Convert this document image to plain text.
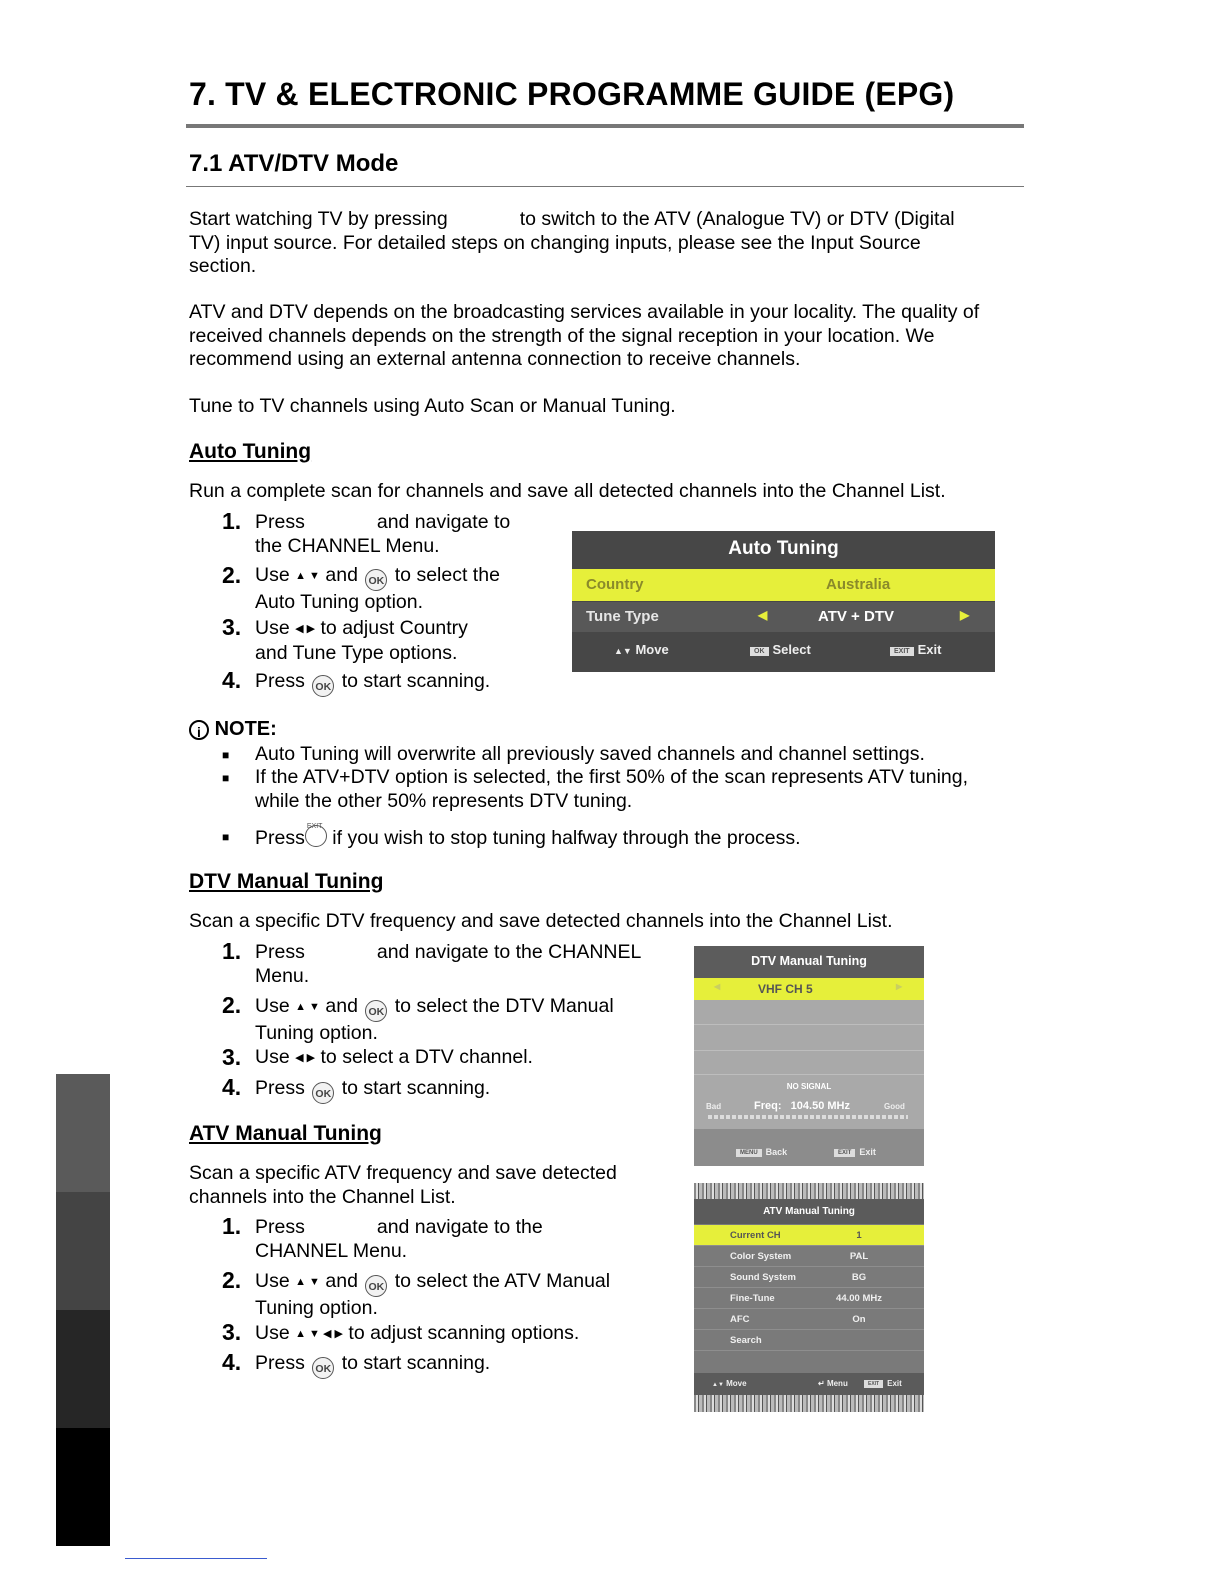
7. TV & ELECTRONIC PROGRAMME GUIDE (EPG)
7.1 ATV/DTV Mode
Start watching TV by pressing	to switch to the ATV (Analogue TV) or DTV (Digital
TV) input source. For detailed steps on changing inputs, please see the Input Source
section.
ATV and DTV depends on the broadcasting services available in your locality. The quality of
received channels depends on the strength of the signal reception in your location. We
recommend using an external antenna connection to receive channels.
Tune to TV channels using Auto Scan or Manual Tuning.
Auto Tuning
Run a complete scan for channels and save all detected channels into the Channel List.
1. Press	and navigate to
the CHANNEL Menu.
2. Use ▲ ▼ and OK to select the
Auto Tuning option.
3. Use ◀ ▶ to adjust Country
and Tune Type options.
4. Press OK to start scanning.
Auto Tuning
Country	Australia
Tune Type	◀	ATV + DTV	▶
▲▼ Move	OK Select	EXIT Exit
i NOTE:
■ Auto Tuning will overwrite all previously saved channels and channel settings.
■ If the ATV+DTV option is selected, the first 50% of the scan represents ATV tuning,
while the other 50% represents DTV tuning.
■ Press
EXIT
if you wish to stop tuning halfway through the process.
DTV Manual Tuning
Scan a specific DTV frequency and save detected channels into the Channel List.
1. Press	and navigate to the CHANNEL
Menu.
2. Use ▲ ▼ and OK to select the DTV Manual
Tuning option.
3. Use ◀ ▶ to select a DTV channel.
4. Press OK to start scanning.
DTV Manual Tuning
◀	VHF CH 5	▶
NO SIGNAL
Bad	Freq:   104.50 MHz	Good
MENU Back	EXIT Exit
ATV Manual Tuning
Scan a specific ATV frequency and save detected
channels into the Channel List.
1. Press	and navigate to the
CHANNEL Menu.
2. Use ▲ ▼ and OK to select the ATV Manual
Tuning option.
3. Use ▲ ▼ ◀ ▶ to adjust scanning options.
4. Press OK to start scanning.
ATV Manual Tuning
Current CH	1
Color System	PAL
Sound System	BG
Fine-Tune	44.00 MHz
AFC	On
Search
▲▼ Move	↵ Menu	EXIT Exit
